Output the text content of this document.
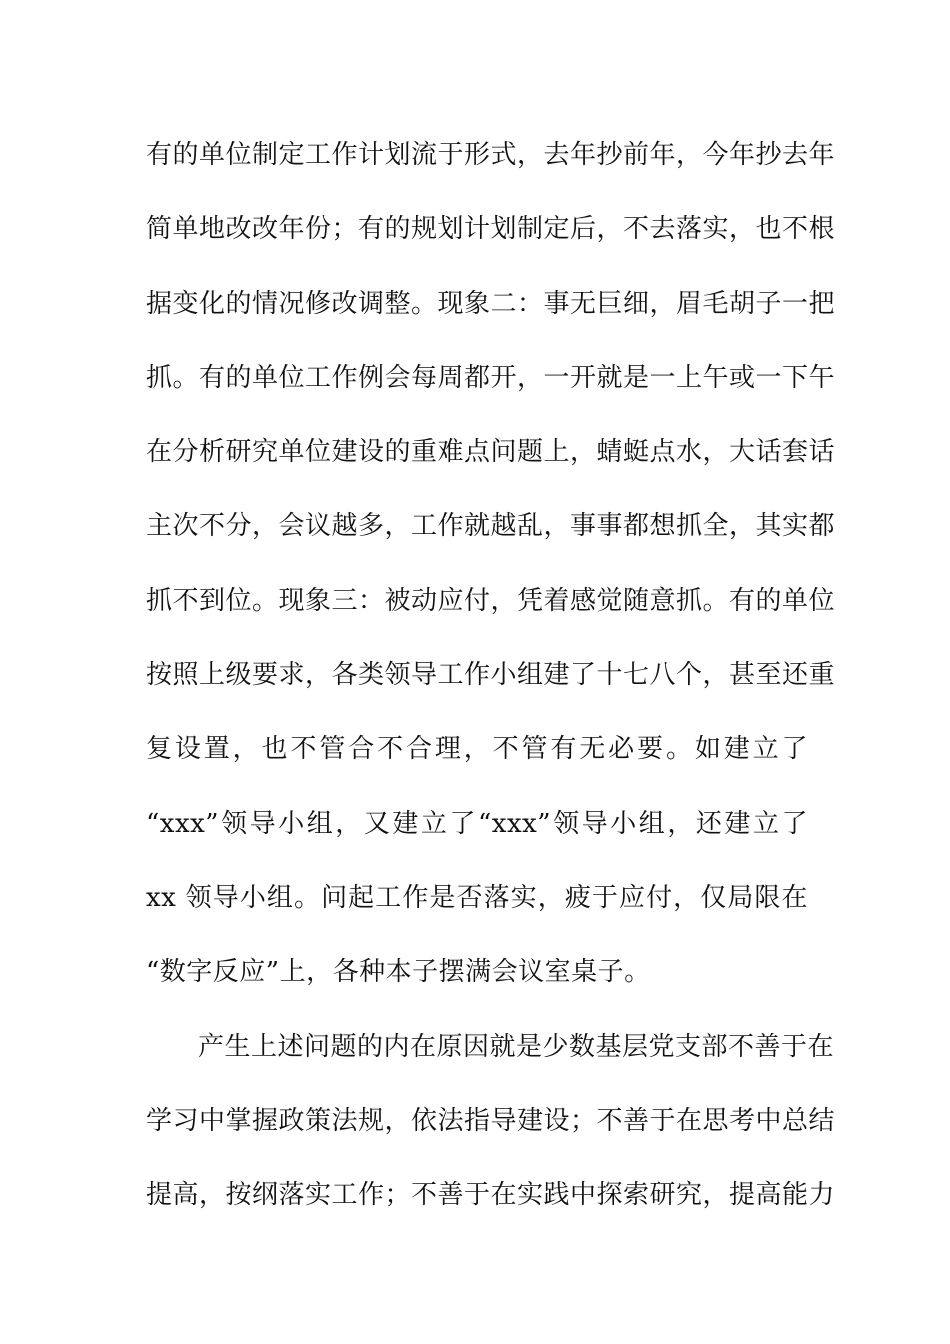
有的单位制定工作计划流于形式，去年抄前年，今年抄去年
简单地改改年份；有的规划计划制定后，不去落实，也不根
据变化的情况修改调整。现象二：事无巨细，眉毛胡子一把
抓。有的单位工作例会每周都开，一开就是一上午或一下午
在分析研究单位建设的重难点问题上，蜻蜓点水，大话套话
主次不分，会议越多，工作就越乱，事事都想抓全，其实都
抓不到位。现象三：被动应付，凭着感觉随意抓。有的单位
按照上级要求，各类领导工作小组建了十七八个，甚至还重
复设置，也不管合不合理，不管有无必要。如建立了
“xxx”领导小组，又建立了“xxx”领导小组，还建立了
xx 领导小组。问起工作是否落实，疲于应付，仅局限在
“数字反应”上，各种本子摆满会议室桌子。
产生上述问题的内在原因就是少数基层党支部不善于在
学习中掌握政策法规，依法指导建设；不善于在思考中总结
提高，按纲落实工作；不善于在实践中探索研究，提高能力
